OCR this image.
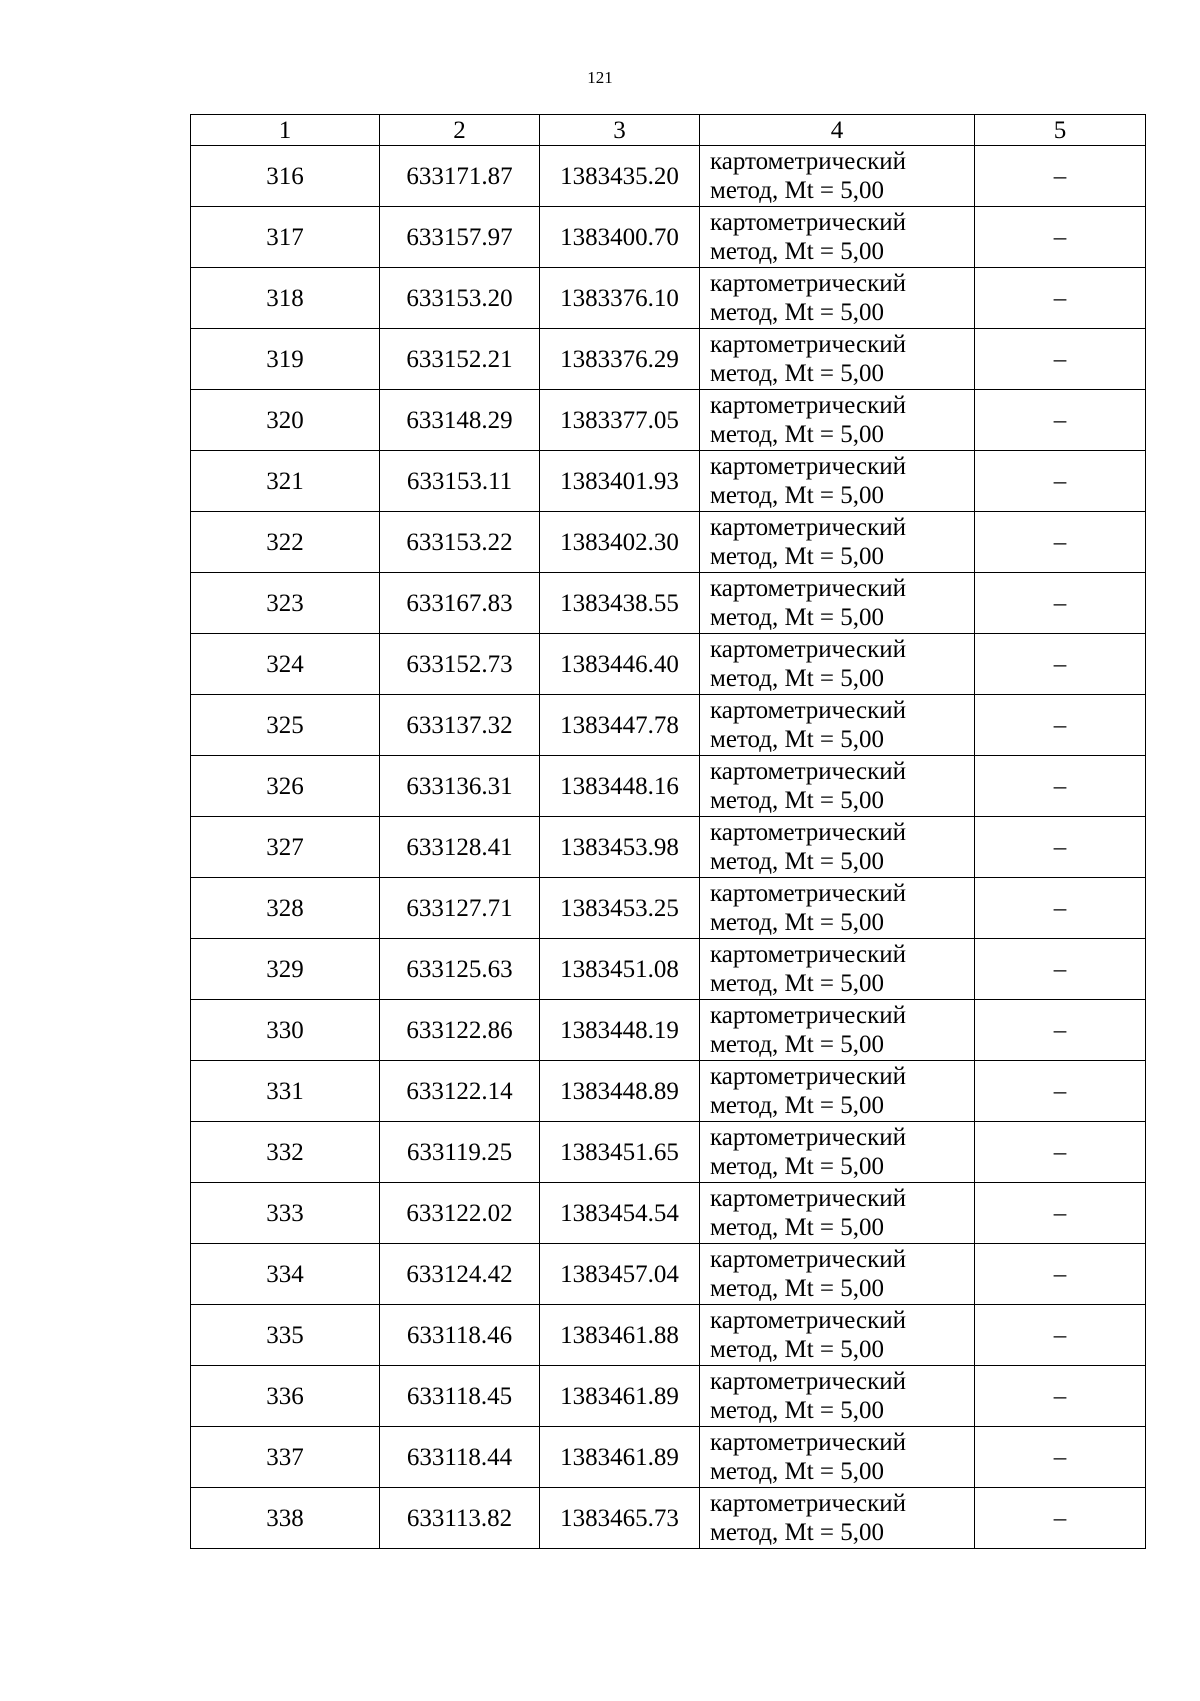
121
1	2	3	4	5
316	633171.87	1383435.20	картометрический
метод, Mt = 5,00	–
317	633157.97	1383400.70	картометрический
метод, Mt = 5,00	–
318	633153.20	1383376.10	картометрический
метод, Mt = 5,00	–
319	633152.21	1383376.29	картометрический
метод, Mt = 5,00	–
320	633148.29	1383377.05	картометрический
метод, Mt = 5,00	–
321	633153.11	1383401.93	картометрический
метод, Mt = 5,00	–
322	633153.22	1383402.30	картометрический
метод, Mt = 5,00	–
323	633167.83	1383438.55	картометрический
метод, Mt = 5,00	–
324	633152.73	1383446.40	картометрический
метод, Mt = 5,00	–
325	633137.32	1383447.78	картометрический
метод, Mt = 5,00	–
326	633136.31	1383448.16	картометрический
метод, Mt = 5,00	–
327	633128.41	1383453.98	картометрический
метод, Mt = 5,00	–
328	633127.71	1383453.25	картометрический
метод, Mt = 5,00	–
329	633125.63	1383451.08	картометрический
метод, Mt = 5,00	–
330	633122.86	1383448.19	картометрический
метод, Mt = 5,00	–
331	633122.14	1383448.89	картометрический
метод, Mt = 5,00	–
332	633119.25	1383451.65	картометрический
метод, Mt = 5,00	–
333	633122.02	1383454.54	картометрический
метод, Mt = 5,00	–
334	633124.42	1383457.04	картометрический
метод, Mt = 5,00	–
335	633118.46	1383461.88	картометрический
метод, Mt = 5,00	–
336	633118.45	1383461.89	картометрический
метод, Mt = 5,00	–
337	633118.44	1383461.89	картометрический
метод, Mt = 5,00	–
338	633113.82	1383465.73	картометрический
метод, Mt = 5,00	–
